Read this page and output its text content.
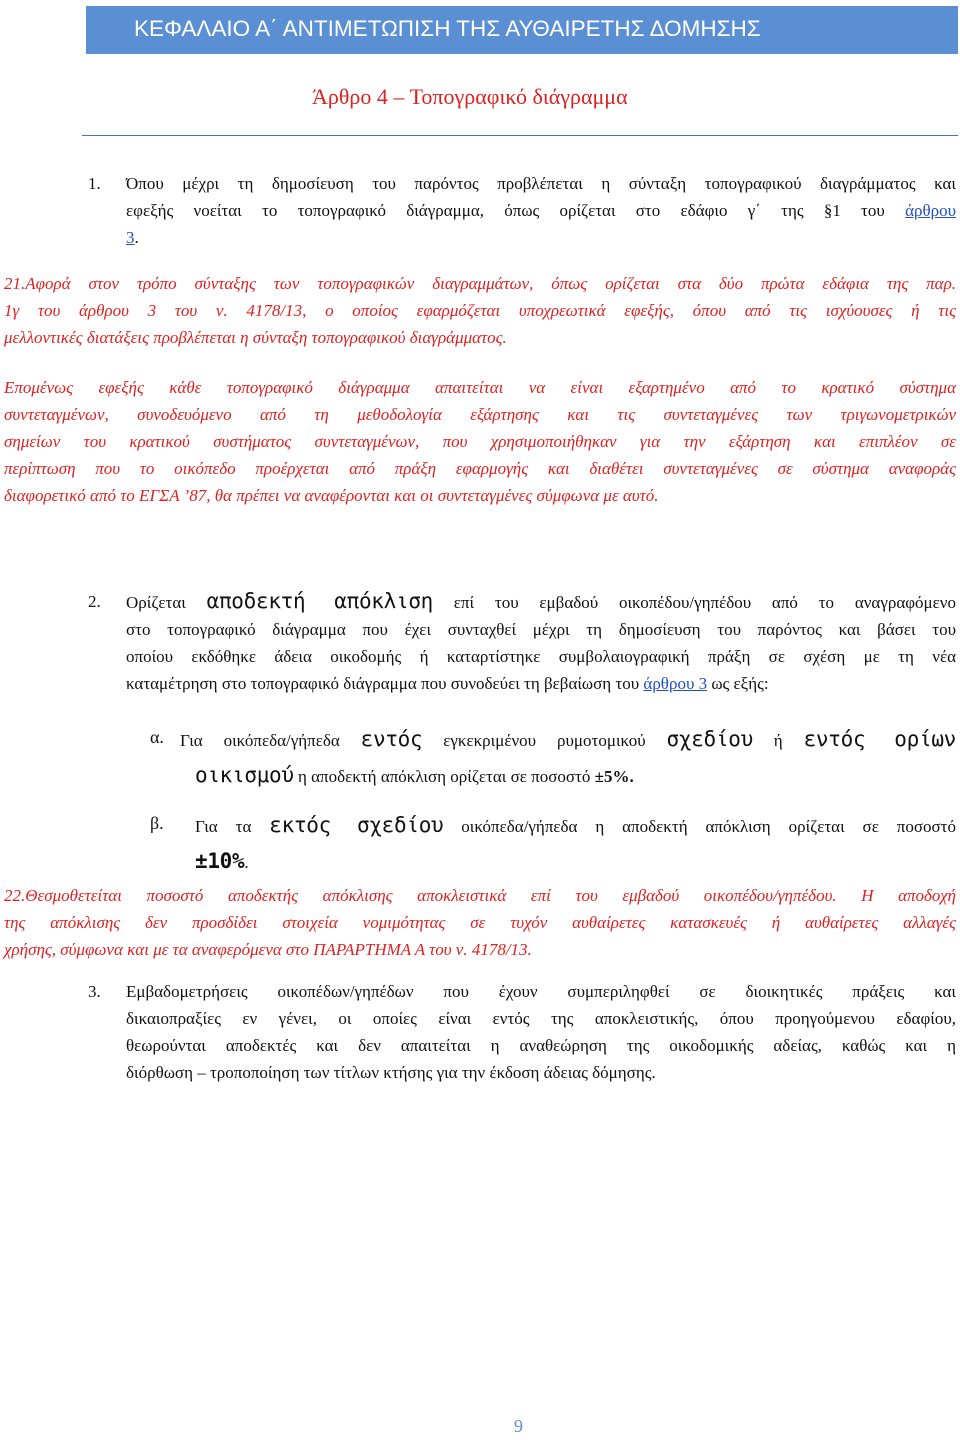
ΚΕΦΑΛΑΙΟ Α΄ ΑΝΤΙΜΕΤΩΠΙΣΗ ΤΗΣ ΑΥΘΑΙΡΕΤΗΣ ΔΟΜΗΣΗΣ
Άρθρο 4 – Τοπογραφικό διάγραμμα
1. Όπου μέχρι τη δημοσίευση του παρόντος προβλέπεται η σύνταξη τοπογραφικού διαγράμματος και
εφεξής νοείται το τοπογραφικό διάγραμμα, όπως ορίζεται στο εδάφιο γ΄ της §1 του άρθρου
3.
21.Αφορά στον τρόπο σύνταξης των τοπογραφικών διαγραμμάτων, όπως ορίζεται στα δύο πρώτα εδάφια της παρ.
1γ του άρθρου 3 του ν. 4178/13, ο οποίος εφαρμόζεται υποχρεωτικά εφεξής, όπου από τις ισχύουσες ή τις
μελλοντικές διατάξεις προβλέπεται η σύνταξη τοπογραφικού διαγράμματος.
Επομένως εφεξής κάθε τοπογραφικό διάγραμμα απαιτείται να είναι εξαρτημένο από το κρατικό σύστημα
συντεταγμένων, συνοδευόμενο από τη μεθοδολογία εξάρτησης και τις συντεταγμένες των τριγωνομετρικών
σημείων του κρατικού συστήματος συντεταγμένων, που χρησιμοποιήθηκαν για την εξάρτηση και επιπλέον σε
περίπτωση που το οικόπεδο προέρχεται από πράξη εφαρμογής και διαθέτει συντεταγμένες σε σύστημα αναφοράς
διαφορετικό από το ΕΓΣΑ ’87, θα πρέπει να αναφέρονται και οι συντεταγμένες σύμφωνα με αυτό.
2. Ορίζεται αποδεκτή απόκλιση επί του εμβαδού οικοπέδου/γηπέδου από το αναγραφόμενο
στο τοπογραφικό διάγραμμα που έχει συνταχθεί μέχρι τη δημοσίευση του παρόντος και βάσει του
οποίου εκδόθηκε άδεια οικοδομής ή καταρτίστηκε συμβολαιογραφική πράξη σε σχέση με τη νέα
καταμέτρηση στο τοπογραφικό διάγραμμα που συνοδεύει τη βεβαίωση του άρθρου 3 ως εξής:
α. Για οικόπεδα/γήπεδα εντός εγκεκριμένου ρυμοτομικού σχεδίου ή εντός ορίων
οικισμού η αποδεκτή απόκλιση ορίζεται σε ποσοστό ±5%.
β. Για τα εκτός σχεδίου οικόπεδα/γήπεδα η αποδεκτή απόκλιση ορίζεται σε ποσοστό
±10%.
22.Θεσμοθετείται ποσοστό αποδεκτής απόκλισης αποκλειστικά επί του εμβαδού οικοπέδου/γηπέδου. Η αποδοχή
της απόκλισης δεν προσδίδει στοιχεία νομιμότητας σε τυχόν αυθαίρετες κατασκευές ή αυθαίρετες αλλαγές
χρήσης, σύμφωνα και με τα αναφερόμενα στο ΠΑΡΑΡΤΗΜΑ Α του ν. 4178/13.
3. Εμβαδομετρήσεις οικοπέδων/γηπέδων που έχουν συμπεριληφθεί σε διοικητικές πράξεις και
δικαιοπραξίες εν γένει, οι οποίες είναι εντός της αποκλειστικής, όπου προηγούμενου εδαφίου,
θεωρούνται αποδεκτές και δεν απαιτείται η αναθεώρηση της οικοδομικής αδείας, καθώς και η
διόρθωση – τροποποίηση των τίτλων κτήσης για την έκδοση άδειας δόμησης.
9
